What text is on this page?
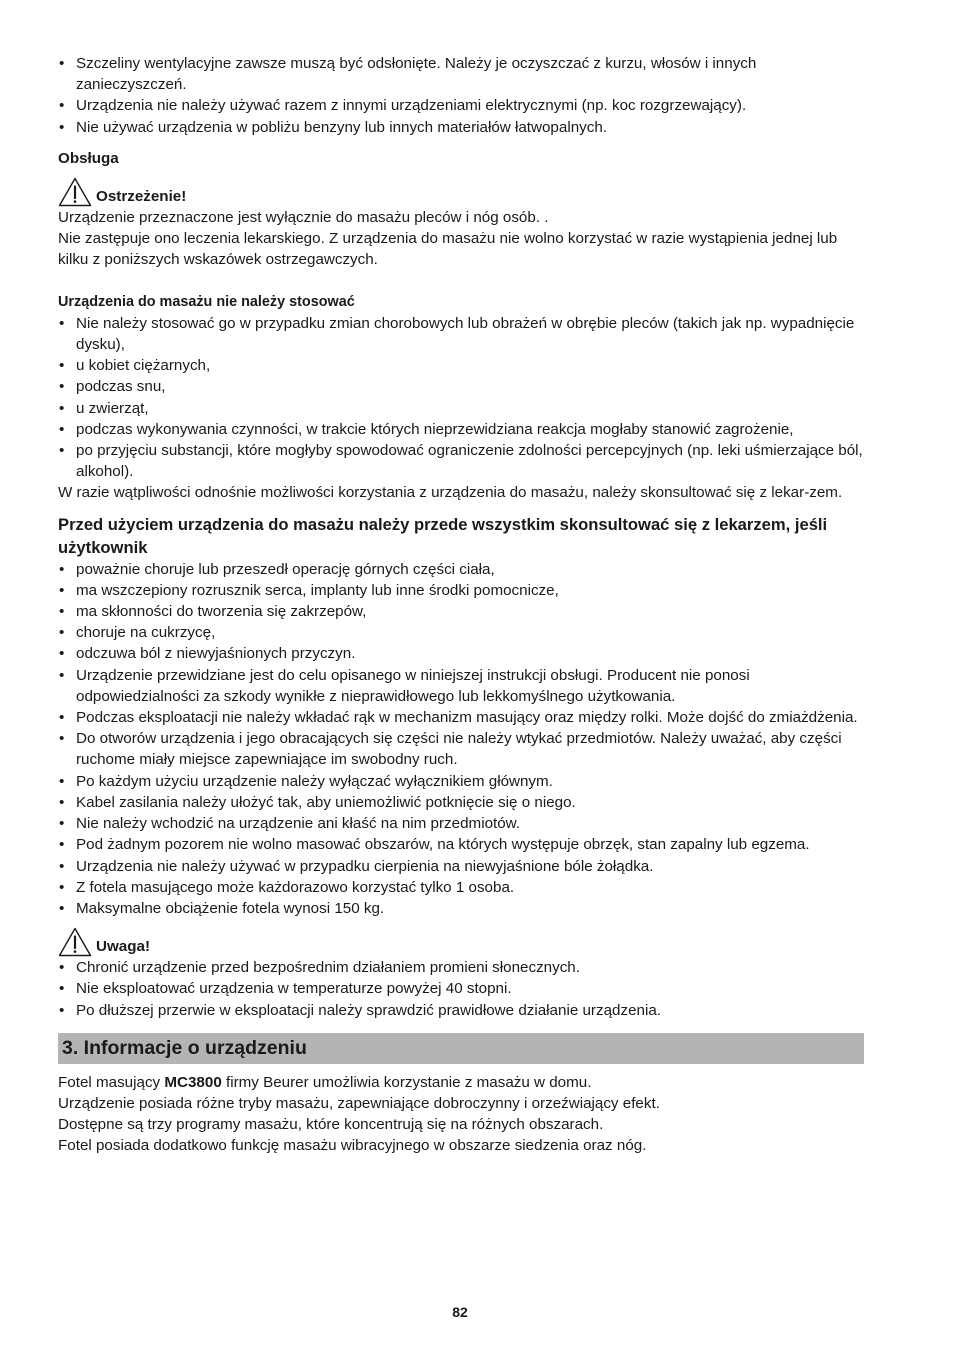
• Szczeliny wentylacyjne zawsze muszą być odsłonięte. Należy je oczyszczać z kurzu, włosów i innych zanieczyszczeń.
• Urządzenia nie należy używać razem z innymi urządzeniami elektrycznymi (np. koc rozgrzewający).
• Nie używać urządzenia w pobliżu benzyny lub innych materiałów łatwopalnych.

Obsługa

Ostrzeżenie!

Urządzenie przeznaczone jest wyłącznie do masażu pleców i nóg osób. .

Nie zastępuje ono leczenia lekarskiego. Z urządzenia do masażu nie wolno korzystać w razie wystąpienia jednej lub kilku z poniższych wskazówek ostrzegawczych.

Urządzenia do masażu nie należy stosować

• Nie należy stosować go w przypadku zmian chorobowych lub obrażeń w obrębie pleców (takich jak np. wypadnięcie dysku),
• u kobiet ciężarnych,
• podczas snu,
• u zwierząt,
• podczas wykonywania czynności, w trakcie których nieprzewidziana reakcja mogłaby stanowić zagrożenie,
• po przyjęciu substancji, które mogłyby spowodować ograniczenie zdolności percepcyjnych (np. leki uśmierzające ból, alkohol).

W razie wątpliwości odnośnie możliwości korzystania z urządzenia do masażu, należy skonsultować się z lekar-zem.

Przed użyciem urządzenia do masażu należy przede wszystkim skonsultować się z lekarzem, jeśli użytkownik

• poważnie choruje lub przeszedł operację górnych części ciała,
• ma wszczepiony rozrusznik serca, implanty lub inne środki pomocnicze,
• ma skłonności do tworzenia się zakrzepów,
• choruje na cukrzycę,
• odczuwa ból z niewyjaśnionych przyczyn.
• Urządzenie przewidziane jest do celu opisanego w niniejszej instrukcji obsługi. Producent nie ponosi odpowiedzialności za szkody wynikłe z nieprawidłowego lub lekkomyślnego użytkowania.
• Podczas eksploatacji nie należy wkładać rąk w mechanizm masujący oraz między rolki. Może dojść do zmiażdżenia.
• Do otworów urządzenia i jego obracających się części nie należy wtykać przedmiotów. Należy uważać, aby części ruchome miały miejsce zapewniające im swobodny ruch.
• Po każdym użyciu urządzenie należy wyłączać wyłącznikiem głównym.
• Kabel zasilania należy ułożyć tak, aby uniemożliwić potknięcie się o niego.
• Nie należy wchodzić na urządzenie ani kłaść na nim przedmiotów.
• Pod żadnym pozorem nie wolno masować obszarów, na których występuje obrzęk, stan zapalny lub egzema.
• Urządzenia nie należy używać w przypadku cierpienia na niewyjaśnione bóle żołądka.
• Z fotela masującego może każdorazowo korzystać tylko 1 osoba.
• Maksymalne obciążenie fotela wynosi 150 kg.
Uwaga!
• Chronić urządzenie przed bezpośrednim działaniem promieni słonecznych.
• Nie eksploatować urządzenia w temperaturze powyżej 40 stopni.
• Po dłuższej przerwie w eksploatacji należy sprawdzić prawidłowe działanie urządzenia.
3. Informacje o urządzeniu

Fotel masujący MC3800 firmy Beurer umożliwia korzystanie z masażu w domu.

Urządzenie posiada różne tryby masażu, zapewniające dobroczynny i orzeźwiający efekt.

Dostępne są trzy programy masażu, które koncentrują się na różnych obszarach.

Fotel posiada dodatkowo funkcję masażu wibracyjnego w obszarze siedzenia oraz nóg.

82
